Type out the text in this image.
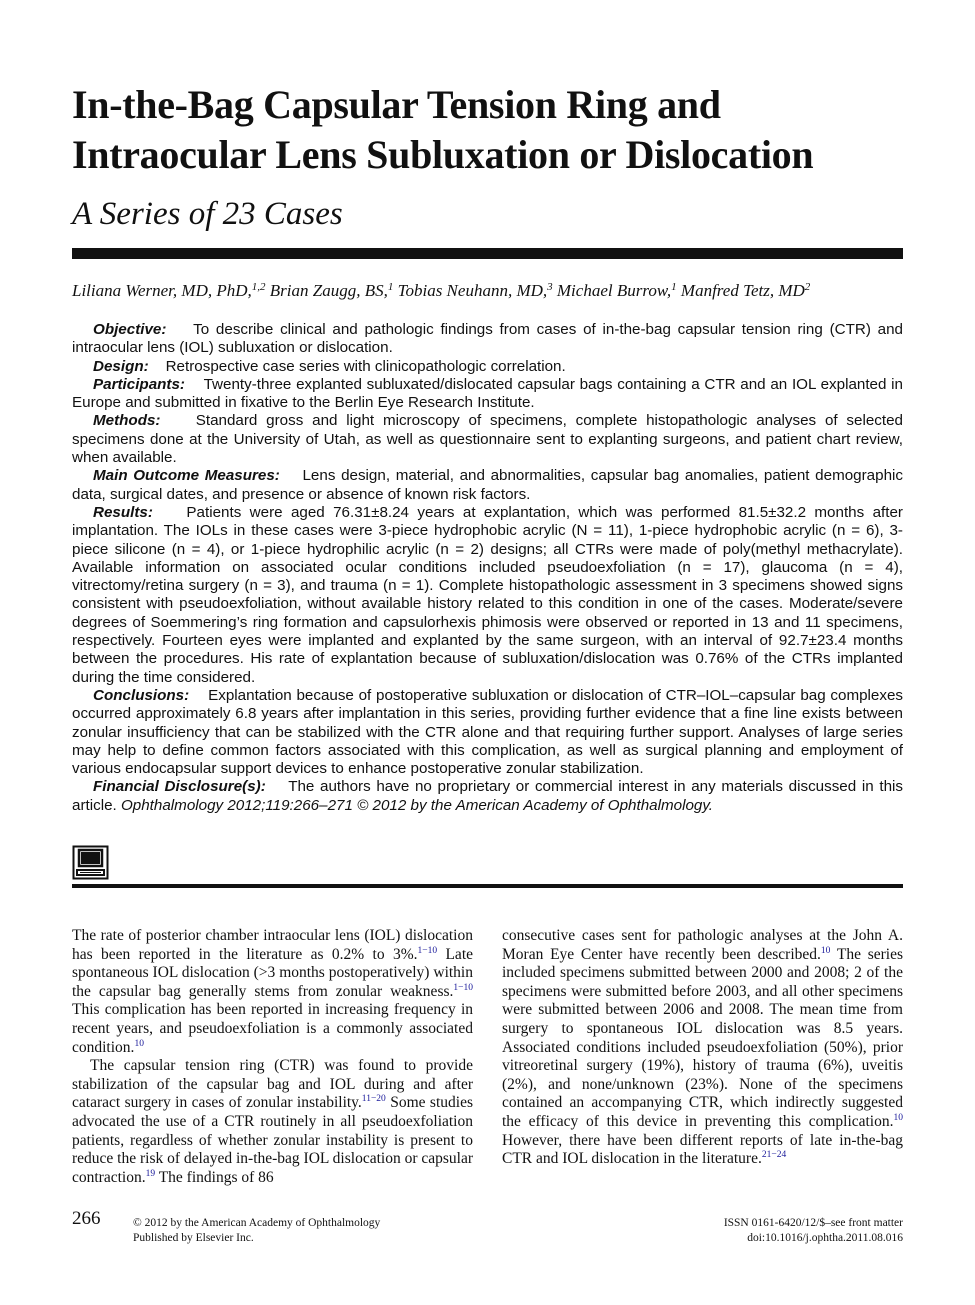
In-the-Bag Capsular Tension Ring and
Intraocular Lens Subluxation or Dislocation
A Series of 23 Cases
Liliana Werner, MD, PhD,$^{1,2}$ Brian Zaugg, BS,$^1$ Tobias Neuhann, MD,$^3$ Michael Burrow,$^1$ Manfred Tetz, $MD^2$

Objective: To describe clinical and pathologic findings from cases of in-the-bag capsular tension ring (CTR) and intraocular lens (IOL) subluxation or dislocation.

Design: Retrospective case series with clinicopathologic correlation.

Participants: Twenty-three explanted subluxated/dislocated capsular bags containing a CTR and an IOL explanted in Europe and submitted in fixative to the Berlin Eye Research Institute.

Methods: Standard gross and light microscopy of specimens, complete histopathologic analyses of selected specimens done at the University of Utah, as well as questionnaire sent to explanting surgeons, and patient chart review, when available.

Main Outcome Measures: Lens design, material, and abnormalities, capsular bag anomalies, patient demographic data, surgical dates, and presence or absence of known risk factors.

Results: Patients were aged 76.31±8.24 years at explantation, which was performed 81.5±32.2 months after implantation. The IOLs in these cases were 3-piece hydrophobic acrylic (N = 11), 1-piece hydrophobic acrylic (n = 6), 3-piece silicone (n = 4), or 1-piece hydrophilic acrylic (n = 2) designs; all CTRs were made of poly(methyl methacrylate). Available information on associated ocular conditions included pseudoexfoliation (n = 17), glaucoma (n = 4), vitrectomy/retina surgery (n = 3), and trauma (n = 1). Complete histopathologic assessment in 3 specimens showed signs consistent with pseudoexfoliation, without available history related to this condition in one of the cases. Moderate/severe degrees of Soemmering’s ring formation and capsulorhexis phimosis were observed or reported in 13 and 11 specimens, respectively. Fourteen eyes were implanted and explanted by the same surgeon, with an interval of 92.7±23.4 months between the procedures. His rate of explantation because of subluxation/dislocation was 0.76% of the CTRs implanted during the time considered.

Conclusions: Explantation because of postoperative subluxation or dislocation of CTR–IOL–capsular bag complexes occurred approximately 6.8 years after implantation in this series, providing further evidence that a fine line exists between zonular insufficiency that can be stabilized with the CTR alone and that requiring further support. Analyses of large series may help to define common factors associated with this complication, as well as surgical planning and employment of various endocapsular support devices to enhance postoperative zonular stabilization.

Financial Disclosure(s): The authors have no proprietary or commercial interest in any materials discussed in this article. Ophthalmology 2012;119:266–271 © 2012 by the American Academy of Ophthalmology.

The rate of posterior chamber intraocular lens (IOL) dislocation has been reported in the literature as 0.2% to 3%.$^{1-10}$ Late spontaneous IOL dislocation (>3 months postoperatively) within the capsular bag generally stems from zonular weakness.$^{1-10}$ This complication has been reported in increasing frequency in recent years, and pseudoexfoliation is a commonly associated condition.$^{10}$

The capsular tension ring (CTR) was found to provide stabilization of the capsular bag and IOL during and after cataract surgery in cases of zonular instability.$^{11-20}$ Some studies advocated the use of a CTR routinely in all pseudoexfoliation patients, regardless of whether zonular instability is present to reduce the risk of delayed in-the-bag IOL dislocation or capsular contraction.$^{19}$ The findings of 86

consecutive cases sent for pathologic analyses at the John A. Moran Eye Center have recently been described.$^{10}$ The series included specimens submitted between 2000 and 2008; 2 of the specimens were submitted before 2003, and all other specimens were submitted between 2006 and 2008. The mean time from surgery to spontaneous IOL dislocation was 8.5 years. Associated conditions included pseudoexfoliation (50%), prior vitreoretinal surgery (19%), history of trauma (6%), uveitis (2%), and none/unknown (23%). None of the specimens contained an accompanying CTR, which indirectly suggested the efficacy of this device in preventing this complication.$^{10}$ However, there have been different reports of late in-the-bag CTR and IOL dislocation in the literature.$^{21-24}$

266	© 2012 by the American Academy of Ophthalmology
Published by Elsevier Inc.
ISSN 0161-6420/12/$–see front matter
doi:10.1016/j.ophtha.2011.08.016
